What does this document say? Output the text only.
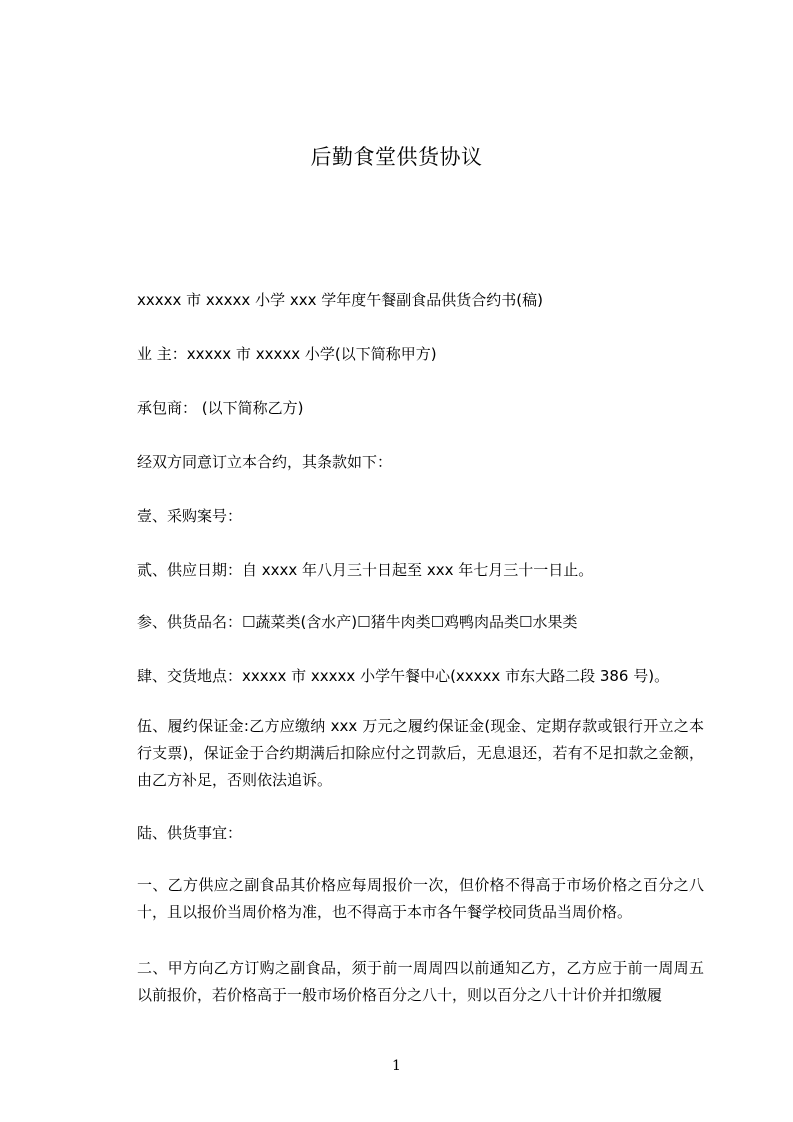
后勤食堂供货协议
xxxxx 市 xxxxx 小学 xxx 学年度午餐副食品供货合约书(稿)
业 主：xxxxx 市 xxxxx 小学(以下简称甲方)
承包商： (以下简称乙方)
经双方同意订立本合约，其条款如下：
壹、采购案号：
贰、供应日期：自 xxxx 年八月三十日起至 xxx 年七月三十一日止。
参、供货品名：☐蔬菜类(含水产)☐猪牛肉类☐鸡鸭肉品类☐水果类
肆、交货地点：xxxxx 市 xxxxx 小学午餐中心(xxxxx 市东大路二段 386 号)。
伍、履约保证金:乙方应缴纳 xxx 万元之履约保证金(现金、定期存款或银行开立之本行支票)，保证金于合约期满后扣除应付之罚款后，无息退还，若有不足扣款之金额，由乙方补足，否则依法追诉。
陆、供货事宜：
一、乙方供应之副食品其价格应每周报价一次，但价格不得高于市场价格之百分之八十，且以报价当周价格为准，也不得高于本市各午餐学校同货品当周价格。
二、甲方向乙方订购之副食品，须于前一周周四以前通知乙方，乙方应于前一周周五以前报价，若价格高于一般市场价格百分之八十，则以百分之八十计价并扣缴履
1
